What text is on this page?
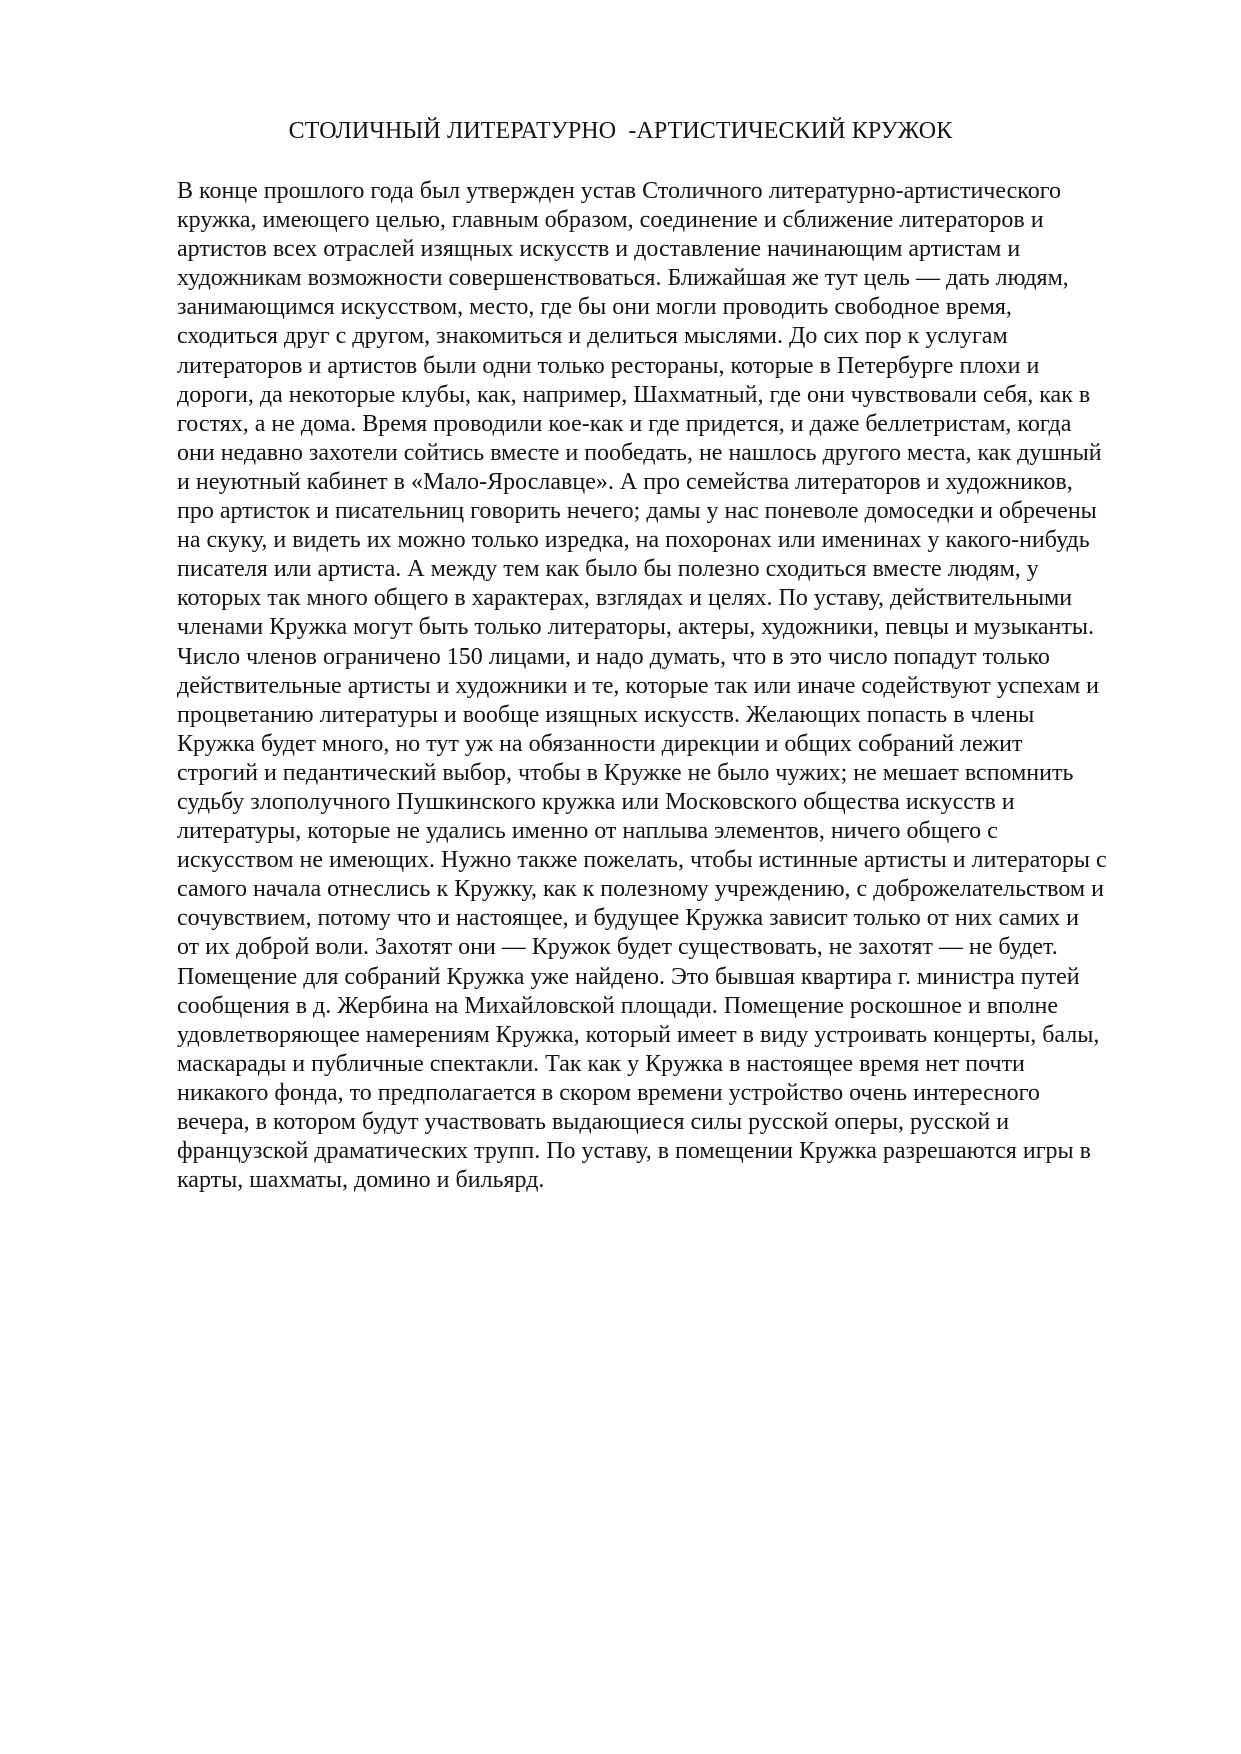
СТОЛИЧНЫЙ ЛИТЕРАТУРНО  -АРТИСТИЧЕСКИЙ КРУЖОК
В конце прошлого года был утвержден устав Столичного литературно-артистического
кружка, имеющего целью, главным образом, соединение и сближение литераторов и
артистов всех отраслей изящных искусств и доставление начинающим артистам и
художникам возможности совершенствоваться. Ближайшая же тут цель — дать людям,
занимающимся искусством, место, где бы они могли проводить свободное время,
сходиться друг с другом, знакомиться и делиться мыслями. До сих пор к услугам
литераторов и артистов были одни только рестораны, которые в Петербурге плохи и
дороги, да некоторые клубы, как, например, Шахматный, где они чувствовали себя, как в
гостях, а не дома. Время проводили кое-как и где придется, и даже беллетристам, когда
они недавно захотели сойтись вместе и пообедать, не нашлось другого места, как душный
и неуютный кабинет в «Мало-Ярославце». А про семейства литераторов и художников,
про артисток и писательниц говорить нечего; дамы у нас поневоле домоседки и обречены
на скуку, и видеть их можно только изредка, на похоронах или именинах у какого-нибудь
писателя или артиста. А между тем как было бы полезно сходиться вместе людям, у
которых так много общего в характерах, взглядах и целях. По уставу, действительными
членами Кружка могут быть только литераторы, актеры, художники, певцы и музыканты.
Число членов ограничено 150 лицами, и надо думать, что в это число попадут только
действительные артисты и художники и те, которые так или иначе содействуют успехам и
процветанию литературы и вообще изящных искусств. Желающих попасть в члены
Кружка будет много, но тут уж на обязанности дирекции и общих собраний лежит
строгий и педантический выбор, чтобы в Кружке не было чужих; не мешает вспомнить
судьбу злополучного Пушкинского кружка или Московского общества искусств и
литературы, которые не удались именно от наплыва элементов, ничего общего с
искусством не имеющих. Нужно также пожелать, чтобы истинные артисты и литераторы с
самого начала отнеслись к Кружку, как к полезному учреждению, с доброжелательством и
сочувствием, потому что и настоящее, и будущее Кружка зависит только от них самих и
от их доброй воли. Захотят они — Кружок будет существовать, не захотят — не будет.
Помещение для собраний Кружка уже найдено. Это бывшая квартира г. министра путей
сообщения в д. Жербина на Михайловской площади. Помещение роскошное и вполне
удовлетворяющее намерениям Кружка, который имеет в виду устроивать концерты, балы,
маскарады и публичные спектакли. Так как у Кружка в настоящее время нет почти
никакого фонда, то предполагается в скором времени устройство очень интересного
вечера, в котором будут участвовать выдающиеся силы русской оперы, русской и
французской драматических трупп. По уставу, в помещении Кружка разрешаются игры в
карты, шахматы, домино и бильярд.
